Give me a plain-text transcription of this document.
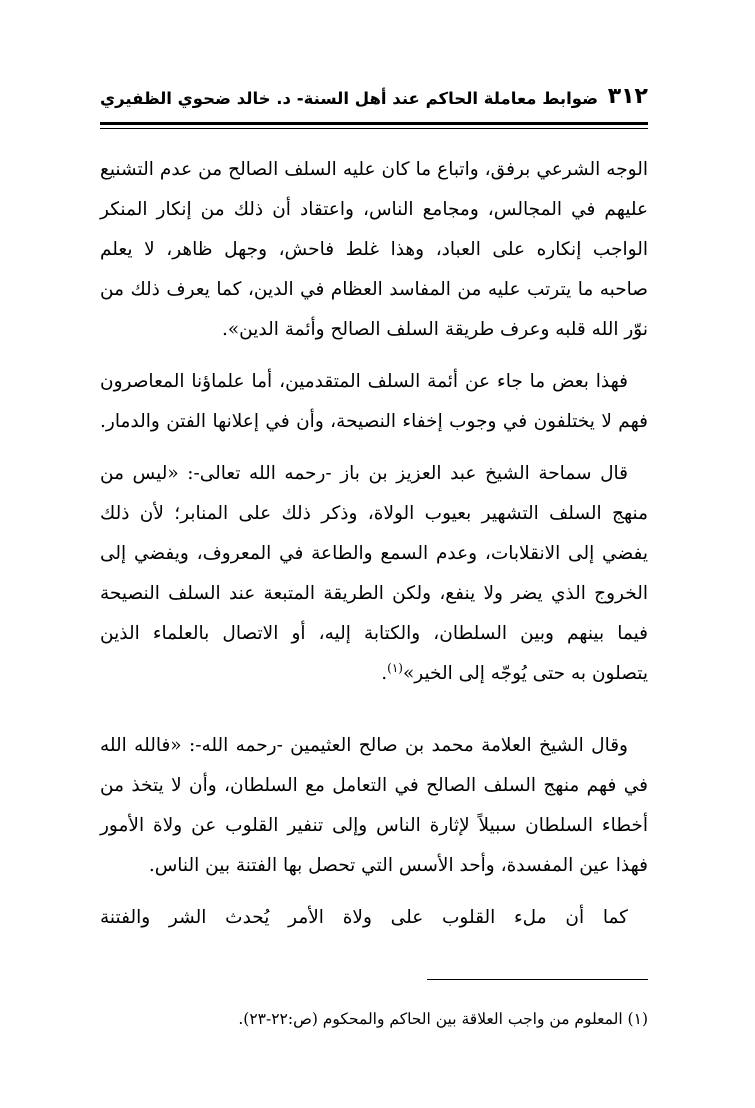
٣١٢
ضوابط معاملة الحاكم عند أهل السنة- د. خالد ضحوي الظفيري
الوجه الشرعي برفق، واتباع ما كان عليه السلف الصالح من عدم التشنيع
عليهم في المجالس، ومجامع الناس، واعتقاد أن ذلك من إنكار المنكر
الواجب إنكاره على العباد، وهذا غلط فاحش، وجهل ظاهر، لا يعلم
صاحبه ما يترتب عليه من المفاسد العظام في الدين، كما يعرف ذلك من
نوّر الله قلبه وعرف طريقة السلف الصالح وأئمة الدين».
فهذا بعض ما جاء عن أئمة السلف المتقدمين، أما علماؤنا المعاصرون
فهم لا يختلفون في وجوب إخفاء النصيحة، وأن في إعلانها الفتن والدمار.
قال سماحة الشيخ عبد العزيز بن باز -رحمه الله تعالى-: «ليس من
منهج السلف التشهير بعيوب الولاة، وذكر ذلك على المنابر؛ لأن ذلك
يفضي إلى الانقلابات، وعدم السمع والطاعة في المعروف، ويفضي إلى
الخروج الذي يضر ولا ينفع، ولكن الطريقة المتبعة عند السلف النصيحة
فيما بينهم وبين السلطان، والكتابة إليه، أو الاتصال بالعلماء الذين
يتصلون به حتى يُوجّه إلى الخير»$^{(١)}$.
وقال الشيخ العلامة محمد بن صالح العثيمين -رحمه الله-: «فالله الله
في فهم منهج السلف الصالح في التعامل مع السلطان، وأن لا يتخذ من
أخطاء السلطان سبيلاً لإثارة الناس وإلى تنفير القلوب عن ولاة الأمور
فهذا عين المفسدة، وأحد الأسس التي تحصل بها الفتنة بين الناس.
كما أن ملء القلوب على ولاة الأمر يُحدث الشر والفتنة
(١) المعلوم من واجب العلاقة بين الحاكم والمحكوم (ص:٢٢-٢٣).
